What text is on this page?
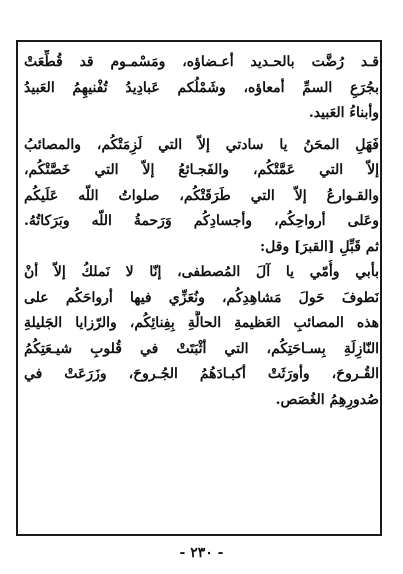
قـد رُضَّت بالحـديد أعـضاؤه، ومَسْمـوم قد قُطِّعَتْ
بجُرَعِ السمِّ أمعاؤه، وشَمْلُكم عَبادِيدُ تُفْنيهِمُ العَبيدُ
وأبناءُ العَبيد.
فَهَلِ المحَنُ يا سادتي إلاّ التي لَزِمَتْكُم، والمصائبُ
إلاّ التي عَمَّتْكُم، والفَجـائعُ إلاّ التي خَصَّتْكُم،
والقـوارعُ إلاّ التي طَرَقَتْكُم، صلواتُ اللّه عَلَيكُم
وعَلى أرواحِكُم، وأجسادِكُم وَرَحمةُ اللّه وبَرَكاتُهُ.
ثم قَبِّلِ [القبرَ] وقل:
بأبي وأُمّي يا آلَ المُصطفى، إنّا لا نَملكُ إلاّ أنْ
نَطوفَ حَولَ مَشاهِدِكُم، ونُعَزِّي فيها أرواحَكُم على
هذه المصائبِ العَظيمةِ الحالَّةِ بِفِنائِكُم، والرّزايا الجَليلةِ
النّازِلَةِ بِسـاحَتِكُم، التي أثْبَتَتْ في قُلوبِ شيـعَتِكُمُ
القُـروحَ، وأورَثَتْ أكبـادَهُمُ الجُـروحَ، وزَرَعَتْ في
صُدورِهِمُ الغُصَص.
- ٢٣٠ -
